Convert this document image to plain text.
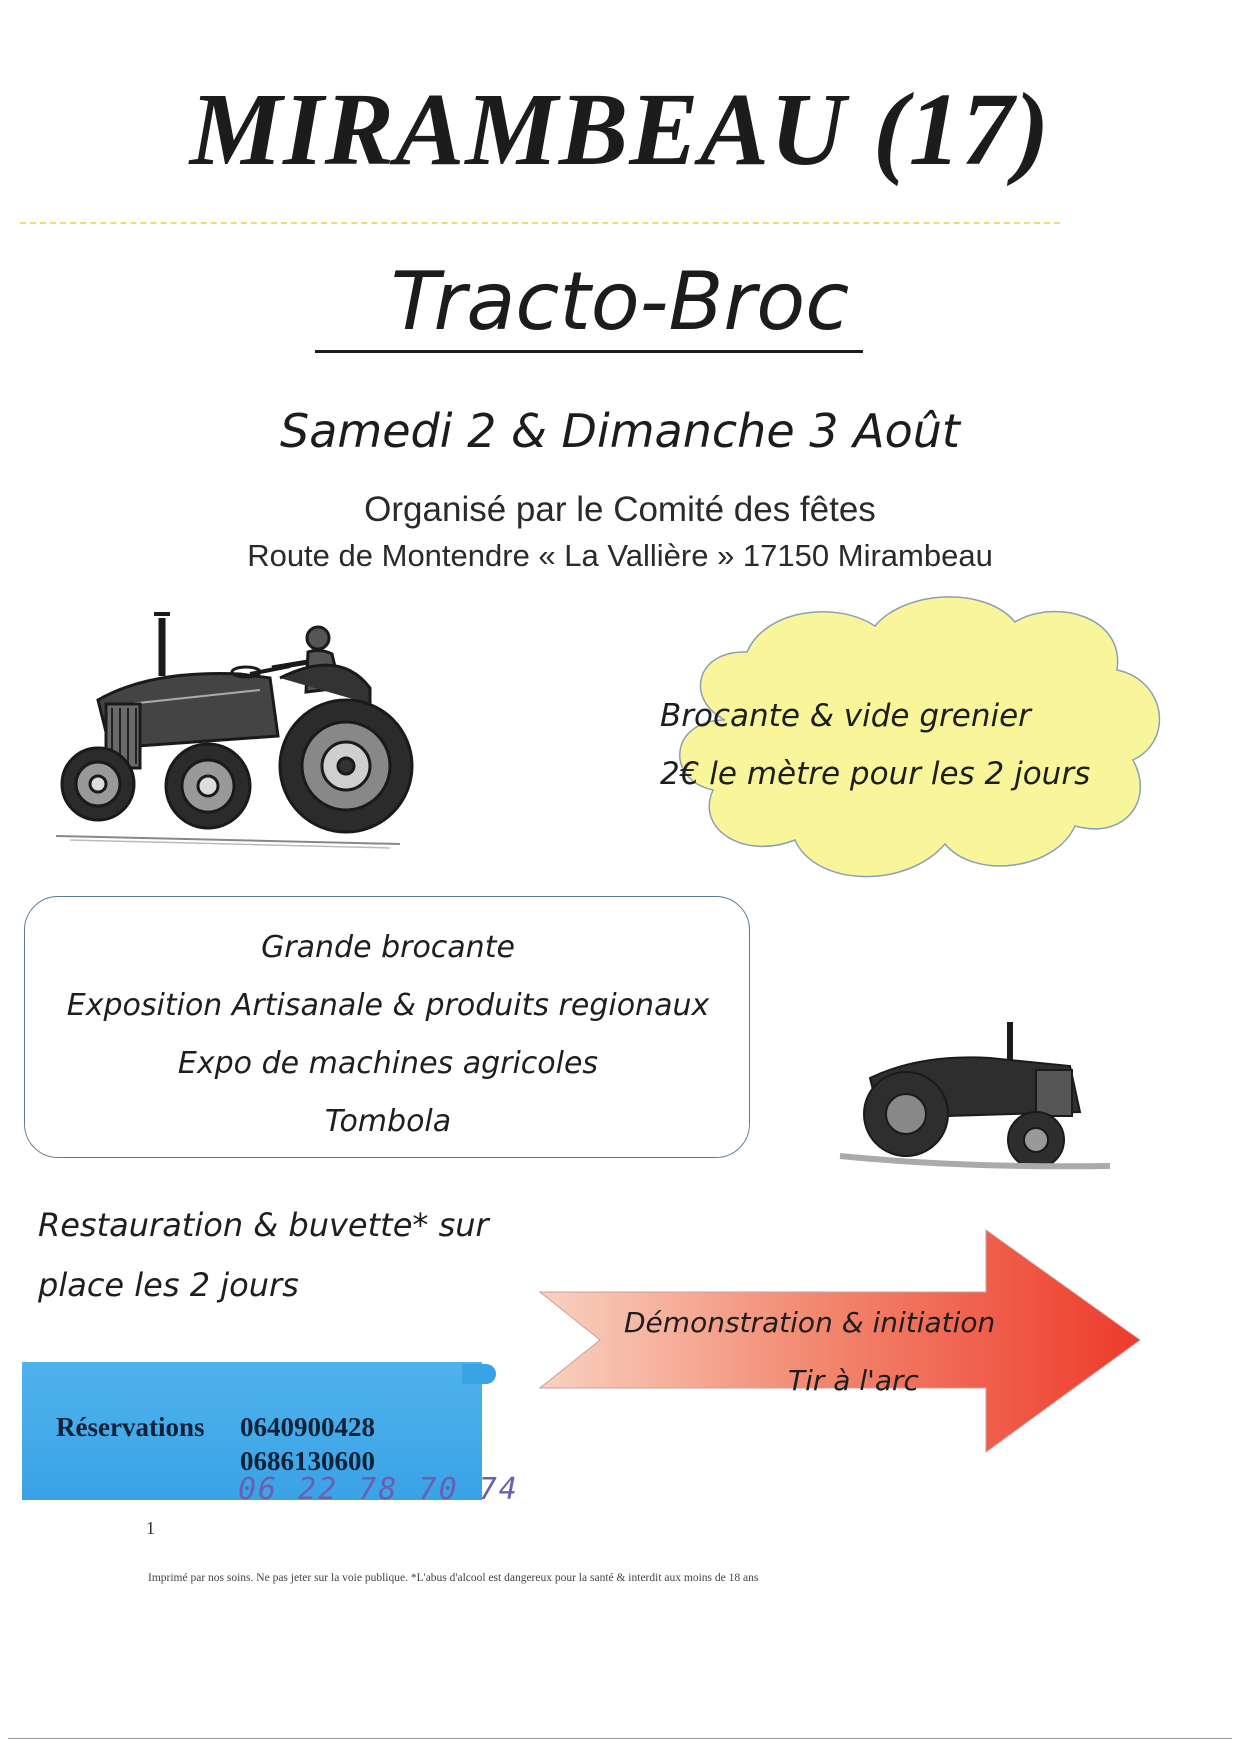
MIRAMBEAU (17)
Tracto-Broc
Samedi 2 & Dimanche 3 Août
Organisé par le Comité des fêtes
Route de Montendre « La Vallière » 17150 Mirambeau
Brocante & vide grenier
2€ le mètre pour les 2 jours
Grande brocante
Exposition Artisanale & produits regionaux
Expo de machines agricoles
Tombola
Restauration & buvette* sur
place les 2 jours
Démonstration & initiation
Tir à l'arc
Réservations 0640900428
0686130600
06 22 78 70 74
1
Imprimé par nos soins. Ne pas jeter sur la voie publique. *L'abus d'alcool est dangereux pour la santé & interdit aux moins de 18 ans
